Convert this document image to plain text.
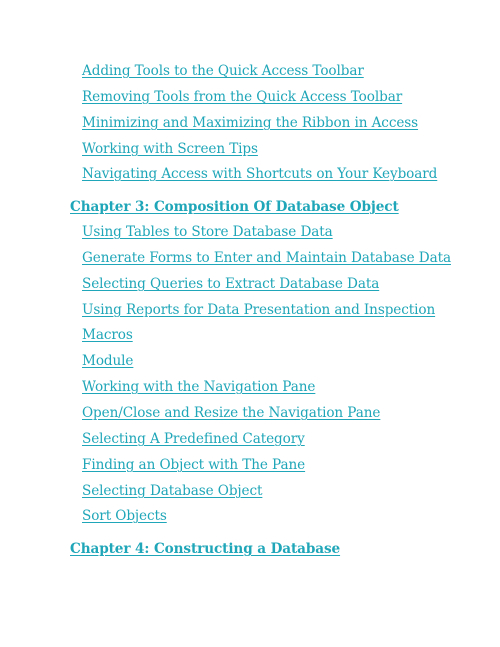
Adding Tools to the Quick Access Toolbar
Removing Tools from the Quick Access Toolbar
Minimizing and Maximizing the Ribbon in Access
Working with Screen Tips
Navigating Access with Shortcuts on Your Keyboard
Chapter 3: Composition Of Database Object
Using Tables to Store Database Data
Generate Forms to Enter and Maintain Database Data
Selecting Queries to Extract Database Data
Using Reports for Data Presentation and Inspection
Macros
Module
Working with the Navigation Pane
Open/Close and Resize the Navigation Pane
Selecting A Predefined Category
Finding an Object with The Pane
Selecting Database Object
Sort Objects
Chapter 4: Constructing a Database
